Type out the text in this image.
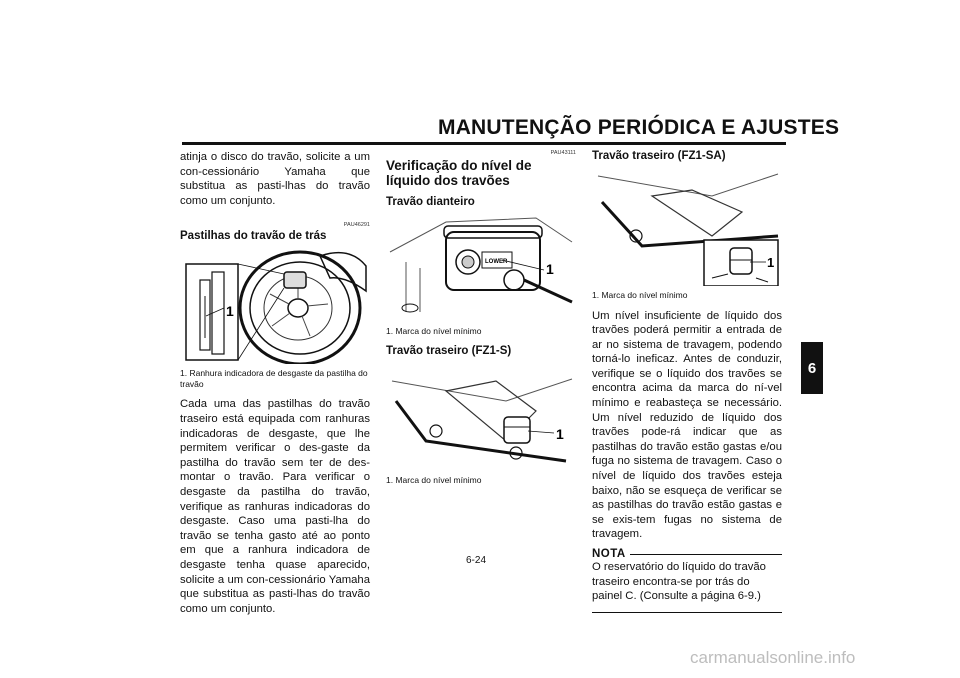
MANUTENÇÃO PERIÓDICA E AJUSTES
6

atinja o disco do travão, solicite a um con-cessionário Yamaha que substitua as pasti-lhas do travão como um conjunto.

PAU46291

Pastilhas do travão de trás

1

1. Ranhura indicadora de desgaste da pastilha do travão

Cada uma das pastilhas do travão traseiro está equipada com ranhuras indicadoras de desgaste, que lhe permitem verificar o des-gaste da pastilha do travão sem ter de des-montar o travão. Para verificar o desgaste da pastilha do travão, verifique as ranhuras indicadoras do desgaste. Caso uma pasti-lha do travão se tenha gasto até ao ponto em que a ranhura indicadora de desgaste tenha quase aparecido, solicite a um con-cessionário Yamaha que substitua as pasti-lhas do travão como um conjunto.

PAU43111

Verificação do nível de líquido dos travões

Travão dianteiro

LOWER	1

1. Marca do nível mínimo

Travão traseiro (FZ1-S)

1

1. Marca do nível mínimo

Travão traseiro (FZ1-SA)

1

1. Marca do nível mínimo

Um nível insuficiente de líquido dos travões poderá permitir a entrada de ar no sistema de travagem, podendo torná-lo ineficaz. Antes de conduzir, verifique se o líquido dos travões se encontra acima da marca do ní-vel mínimo e reabasteça se necessário. Um nível reduzido de líquido dos travões pode-rá indicar que as pastilhas do travão estão gastas e/ou fuga no sistema de travagem. Caso o nível de líquido dos travões esteja baixo, não se esqueça de verificar se as pastilhas do travão estão gastas e se exis-tem fugas no sistema de travagem.

NOTA

O reservatório do líquido do travão traseiro encontra-se por trás do painel C. (Consulte a página 6-9.)

6-24
carmanualsonline.info
